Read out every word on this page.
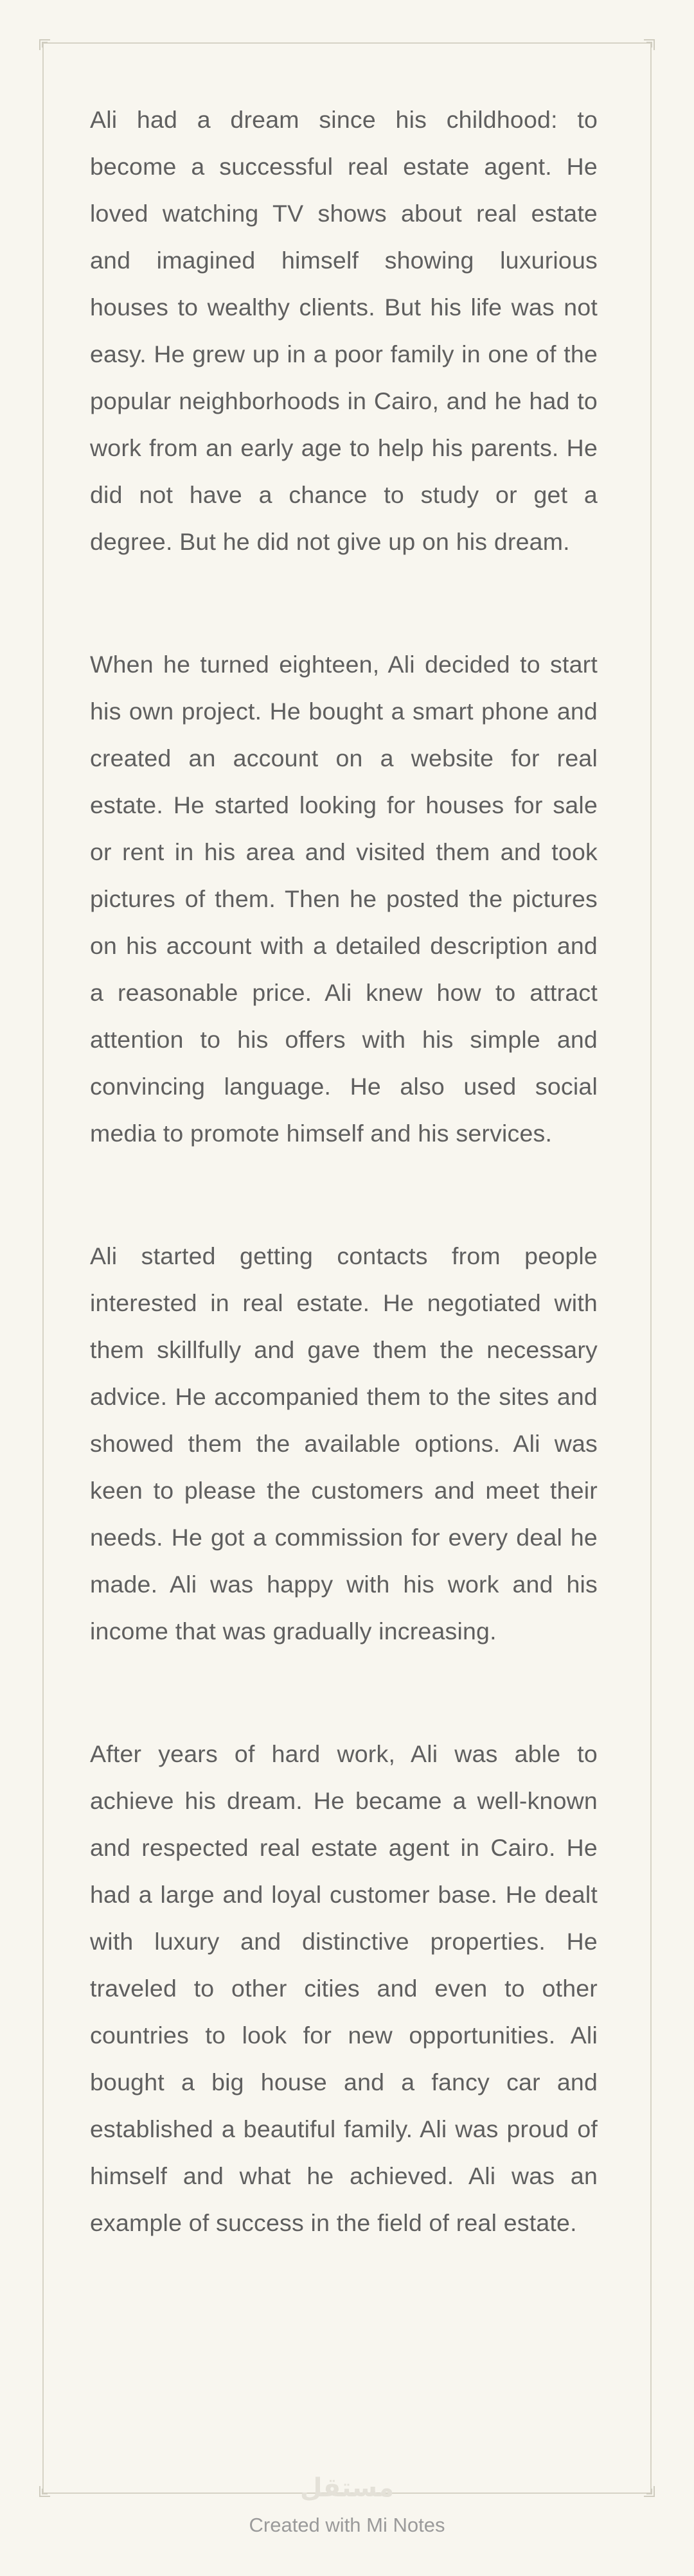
Ali had a dream since his childhood: to become a successful real estate agent. He loved watching TV shows about real estate and imagined himself showing luxurious houses to wealthy clients. But his life was not easy. He grew up in a poor family in one of the popular neighborhoods in Cairo, and he had to work from an early age to help his parents. He did not have a chance to study or get a degree. But he did not give up on his dream.

When he turned eighteen, Ali decided to start his own project. He bought a smart phone and created an account on a website for real estate. He started looking for houses for sale or rent in his area and visited them and took pictures of them. Then he posted the pictures on his account with a detailed description and a reasonable price. Ali knew how to attract attention to his offers with his simple and convincing language. He also used social media to promote himself and his services.

Ali started getting contacts from people interested in real estate. He negotiated with them skillfully and gave them the necessary advice. He accompanied them to the sites and showed them the available options. Ali was keen to please the customers and meet their needs. He got a commission for every deal he made. Ali was happy with his work and his income that was gradually increasing.

After years of hard work, Ali was able to achieve his dream. He became a well-known and respected real estate agent in Cairo. He had a large and loyal customer base. He dealt with luxury and distinctive properties. He traveled to other cities and even to other countries to look for new opportunities. Ali bought a big house and a fancy car and established a beautiful family. Ali was proud of himself and what he achieved. Ali was an example of success in the field of real estate.

مستقل
Created with Mi Notes
